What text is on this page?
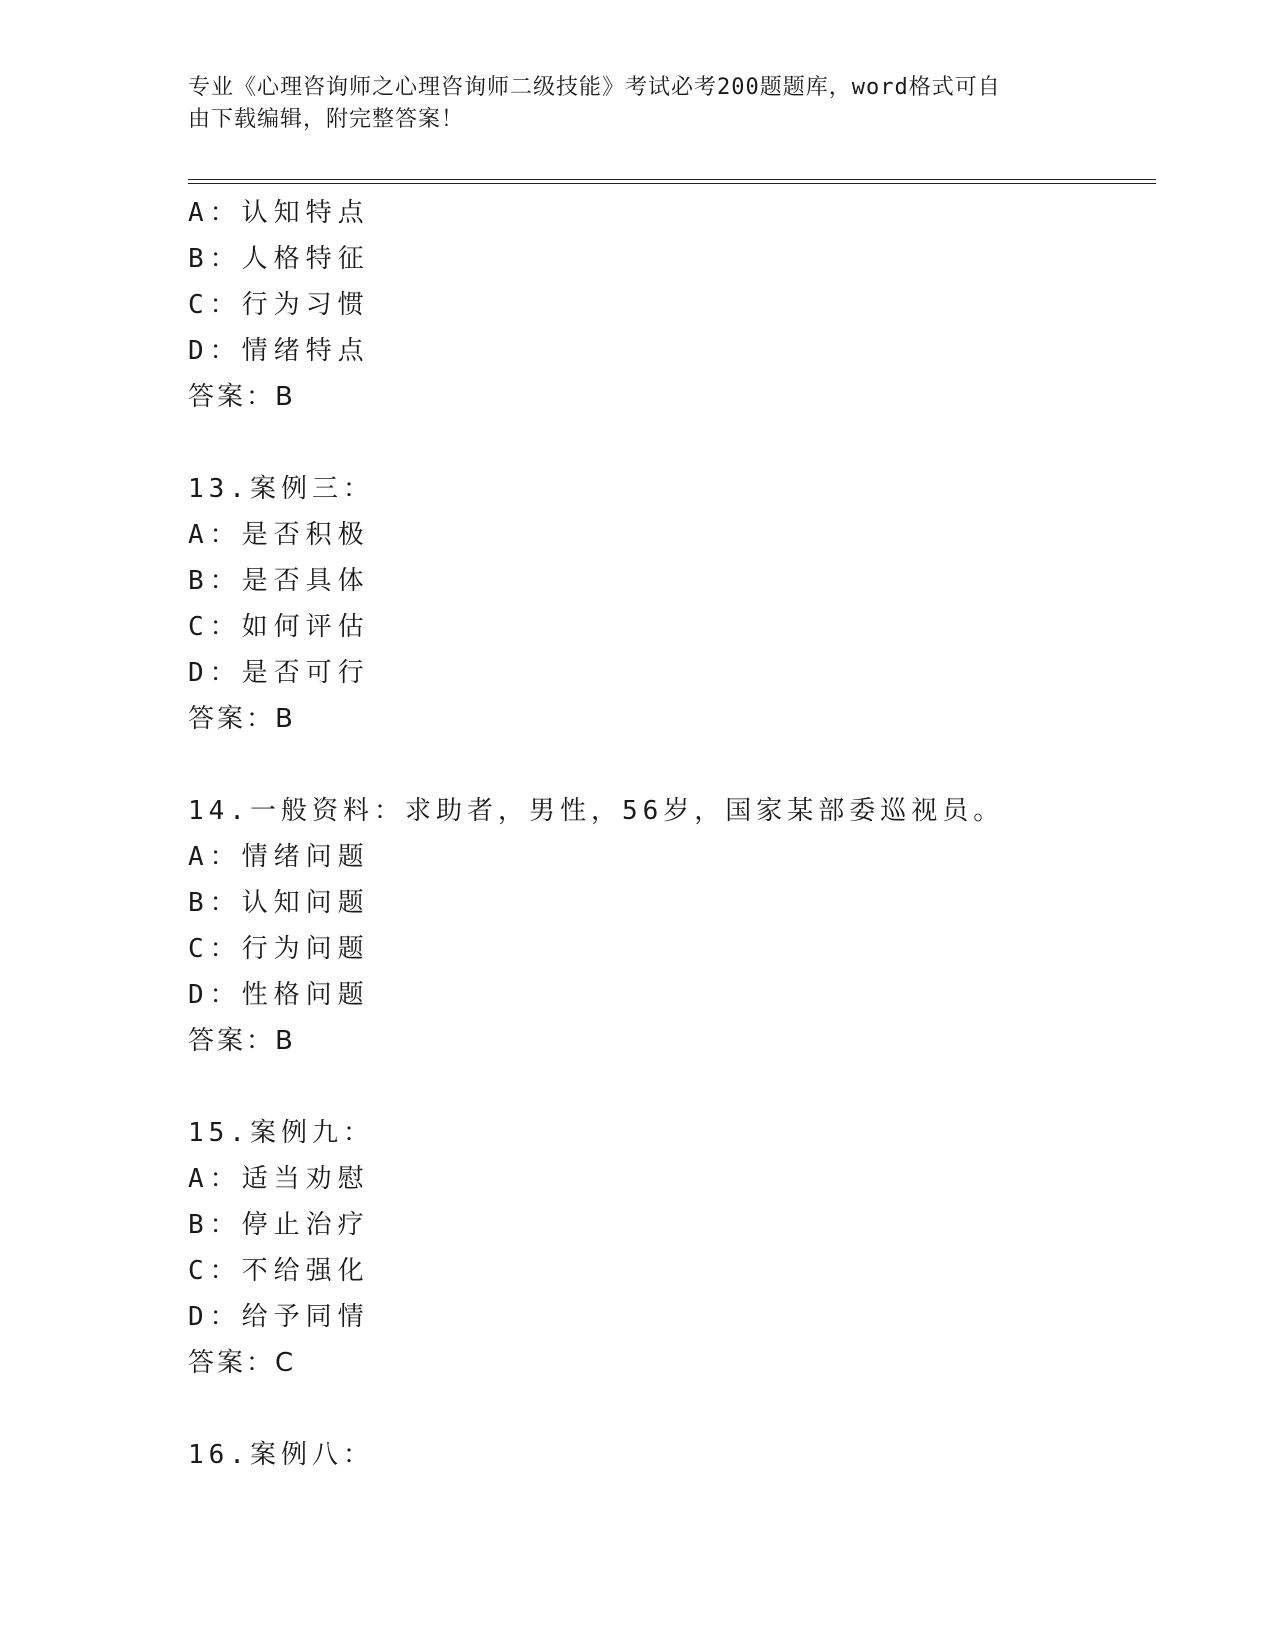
专业《心理咨询师之心理咨询师二级技能》考试必考200题题库，word格式可自
由下载编辑，附完整答案！
A：认知特点
B：人格特征
C：行为习惯
D：情绪特点
答案：B
13.案例三：
A：是否积极
B：是否具体
C：如何评估
D：是否可行
答案：B
14.一般资料：求助者，男性，56岁，国家某部委巡视员。
A：情绪问题
B：认知问题
C：行为问题
D：性格问题
答案：B
15.案例九：
A：适当劝慰
B：停止治疗
C：不给强化
D：给予同情
答案：C
16.案例八：
